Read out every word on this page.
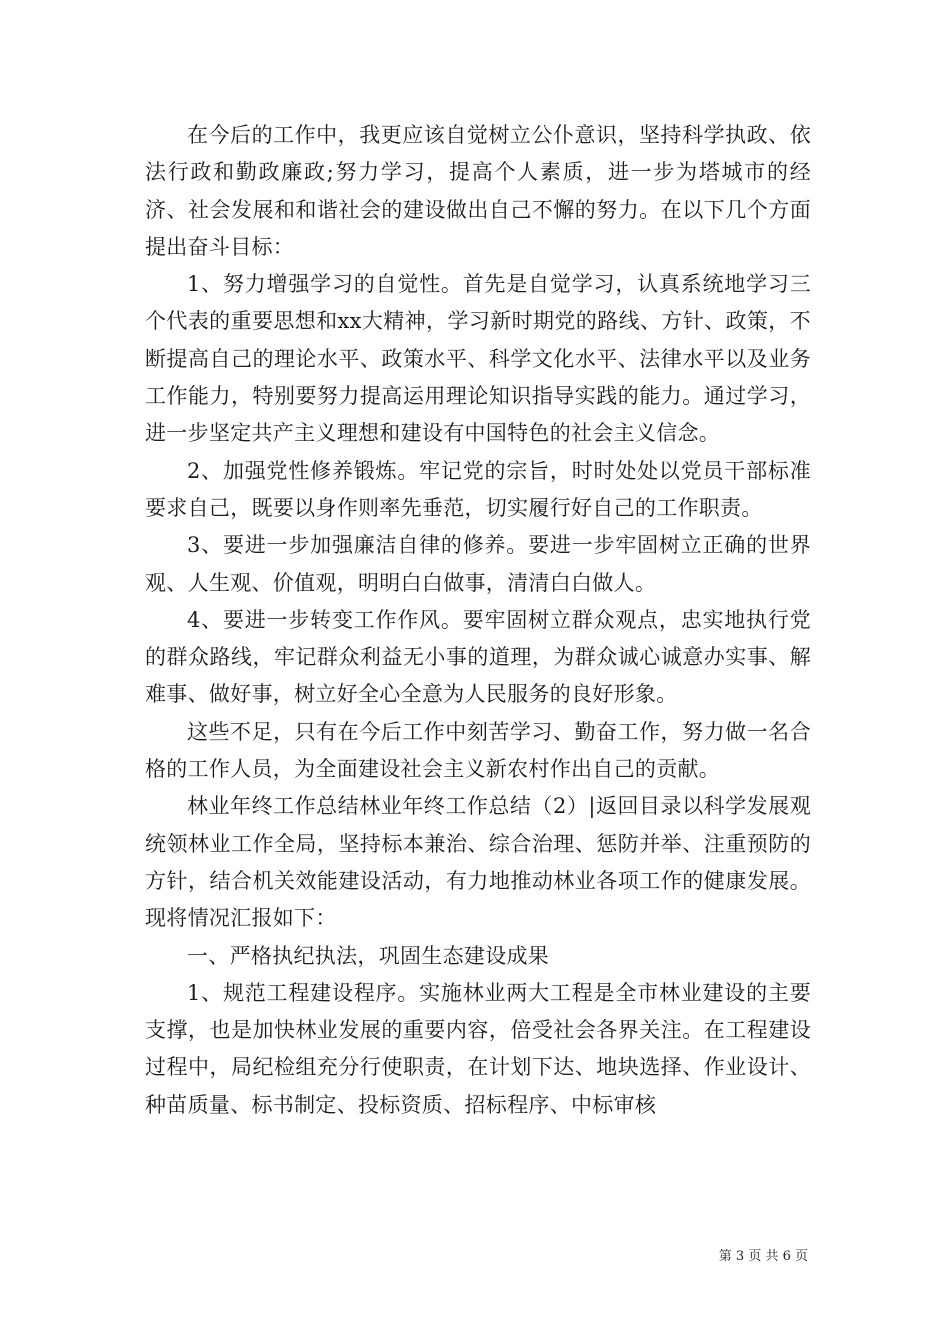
在今后的工作中，我更应该自觉树立公仆意识，坚持科学执政、依法行政和勤政廉政;努力学习，提高个人素质，进一步为塔城市的经济、社会发展和和谐社会的建设做出自己不懈的努力。在以下几个方面提出奋斗目标：

1、努力增强学习的自觉性。首先是自觉学习，认真系统地学习三个代表的重要思想和xx大精神，学习新时期党的路线、方针、政策，不断提高自己的理论水平、政策水平、科学文化水平、法律水平以及业务工作能力，特别要努力提高运用理论知识指导实践的能力。通过学习，进一步坚定共产主义理想和建设有中国特色的社会主义信念。

2、加强党性修养锻炼。牢记党的宗旨，时时处处以党员干部标准要求自己，既要以身作则率先垂范，切实履行好自己的工作职责。

3、要进一步加强廉洁自律的修养。要进一步牢固树立正确的世界观、人生观、价值观，明明白白做事，清清白白做人。

4、要进一步转变工作作风。要牢固树立群众观点，忠实地执行党的群众路线，牢记群众利益无小事的道理，为群众诚心诚意办实事、解难事、做好事，树立好全心全意为人民服务的良好形象。

这些不足，只有在今后工作中刻苦学习、勤奋工作，努力做一名合格的工作人员，为全面建设社会主义新农村作出自己的贡献。

林业年终工作总结林业年终工作总结（2）|返回目录以科学发展观统领林业工作全局，坚持标本兼治、综合治理、惩防并举、注重预防的方针，结合机关效能建设活动，有力地推动林业各项工作的健康发展。现将情况汇报如下：

一、严格执纪执法，巩固生态建设成果

1、规范工程建设程序。实施林业两大工程是全市林业建设的主要支撑，也是加快林业发展的重要内容，倍受社会各界关注。在工程建设过程中，局纪检组充分行使职责，在计划下达、地块选择、作业设计、种苗质量、标书制定、投标资质、招标程序、中标审核

第 3 页 共 6 页
